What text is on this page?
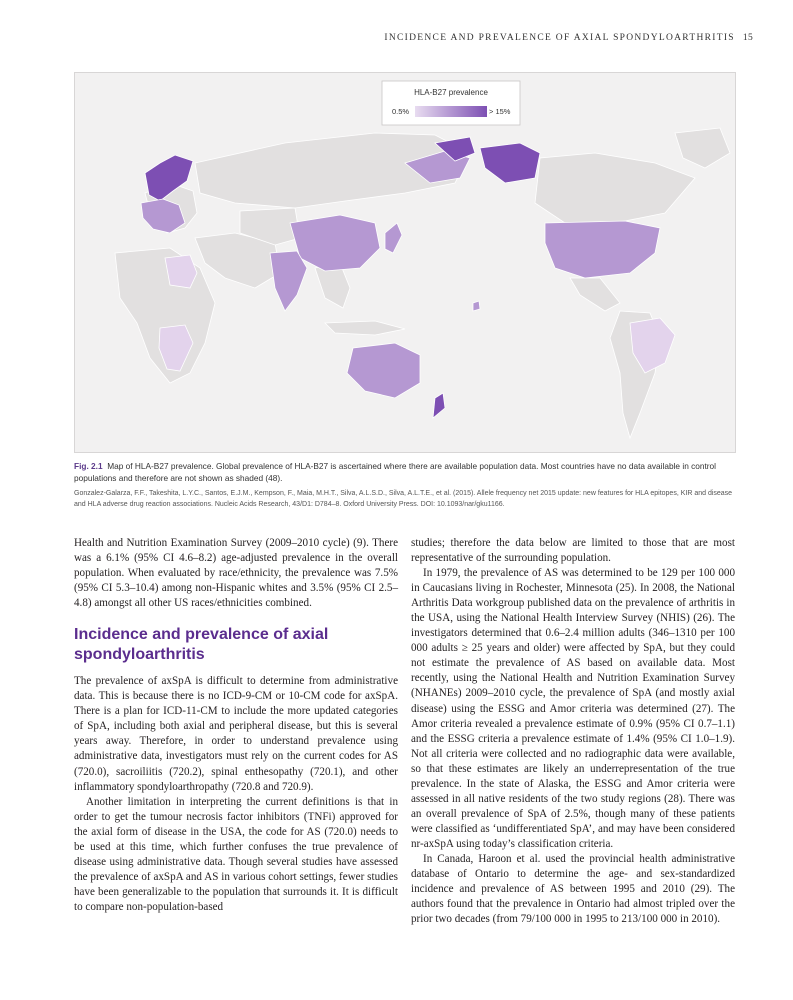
INCIDENCE AND PREVALENCE OF AXIAL SPONDYLOARTHRITIS 15
HLA-B27 prevalence
0.5%	> 15%
Fig. 2.1 Map of HLA-B27 prevalence. Global prevalence of HLA-B27 is ascertained where there are available population data. Most countries have no data available in control populations and therefore are not shown as shaded (48).
Gonzalez-Galarza, F.F., Takeshita, L.Y.C., Santos, E.J.M., Kempson, F., Maia, M.H.T., Silva, A.L.S.D., Silva, A.L.T.E., et al. (2015). Allele frequency net 2015 update: new features for HLA epitopes, KIR and disease and HLA adverse drug reaction associations. Nucleic Acids Research, 43/D1: D784–8. Oxford University Press. DOI: 10.1093/nar/gku1166.

Health and Nutrition Examination Survey (2009–2010 cycle) (9). There was a 6.1% (95% CI 4.6–8.2) age-adjusted prevalence in the overall population. When evaluated by race/ethnicity, the prevalence was 7.5% (95% CI 5.3–10.4) among non-Hispanic whites and 3.5% (95% CI 2.5–4.8) amongst all other US races/ethnicities combined.

Incidence and prevalence of axial spondyloarthritis

The prevalence of axSpA is difficult to determine from administrative data. This is because there is no ICD-9-CM or 10-CM code for axSpA. There is a plan for ICD-11-CM to include the more updated categories of SpA, including both axial and peripheral disease, but this is several years away. Therefore, in order to understand prevalence using administrative data, investigators must rely on the current codes for AS (720.0), sacroiliitis (720.2), spinal enthesopathy (720.1), and other inflammatory spondyloarthropathy (720.8 and 720.9).

Another limitation in interpreting the current definitions is that in order to get the tumour necrosis factor inhibitors (TNFi) approved for the axial form of disease in the USA, the code for AS (720.0) needs to be used at this time, which further confuses the true prevalence of disease using administrative data. Though several studies have assessed the prevalence of axSpA and AS in various cohort settings, fewer studies have been generalizable to the population that surrounds it. It is difficult to compare non-population-based

studies; therefore the data below are limited to those that are most representative of the surrounding population.

In 1979, the prevalence of AS was determined to be 129 per 100 000 in Caucasians living in Rochester, Minnesota (25). In 2008, the National Arthritis Data workgroup published data on the prevalence of arthritis in the USA, using the National Health Interview Survey (NHIS) (26). The investigators determined that 0.6–2.4 million adults (346–1310 per 100 000 adults ≥ 25 years and older) were affected by SpA, but they could not estimate the prevalence of AS based on available data. Most recently, using the National Health and Nutrition Examination Survey (NHANEs) 2009–2010 cycle, the prevalence of SpA (and mostly axial disease) using the ESSG and Amor criteria was determined (27). The Amor criteria revealed a prevalence estimate of 0.9% (95% CI 0.7–1.1) and the ESSG criteria a prevalence estimate of 1.4% (95% CI 1.0–1.9). Not all criteria were collected and no radiographic data were available, so that these estimates are likely an underrepresentation of the true prevalence. In the state of Alaska, the ESSG and Amor criteria were assessed in all native residents of the two study regions (28). There was an overall prevalence of SpA of 2.5%, though many of these patients were classified as ‘undifferentiated SpA’, and may have been considered nr-axSpA using today’s classification criteria.

In Canada, Haroon et al. used the provincial health administrative database of Ontario to determine the age- and sex-standardized incidence and prevalence of AS between 1995 and 2010 (29). The authors found that the prevalence in Ontario had almost tripled over the prior two decades (from 79/100 000 in 1995 to 213/100 000 in 2010).
